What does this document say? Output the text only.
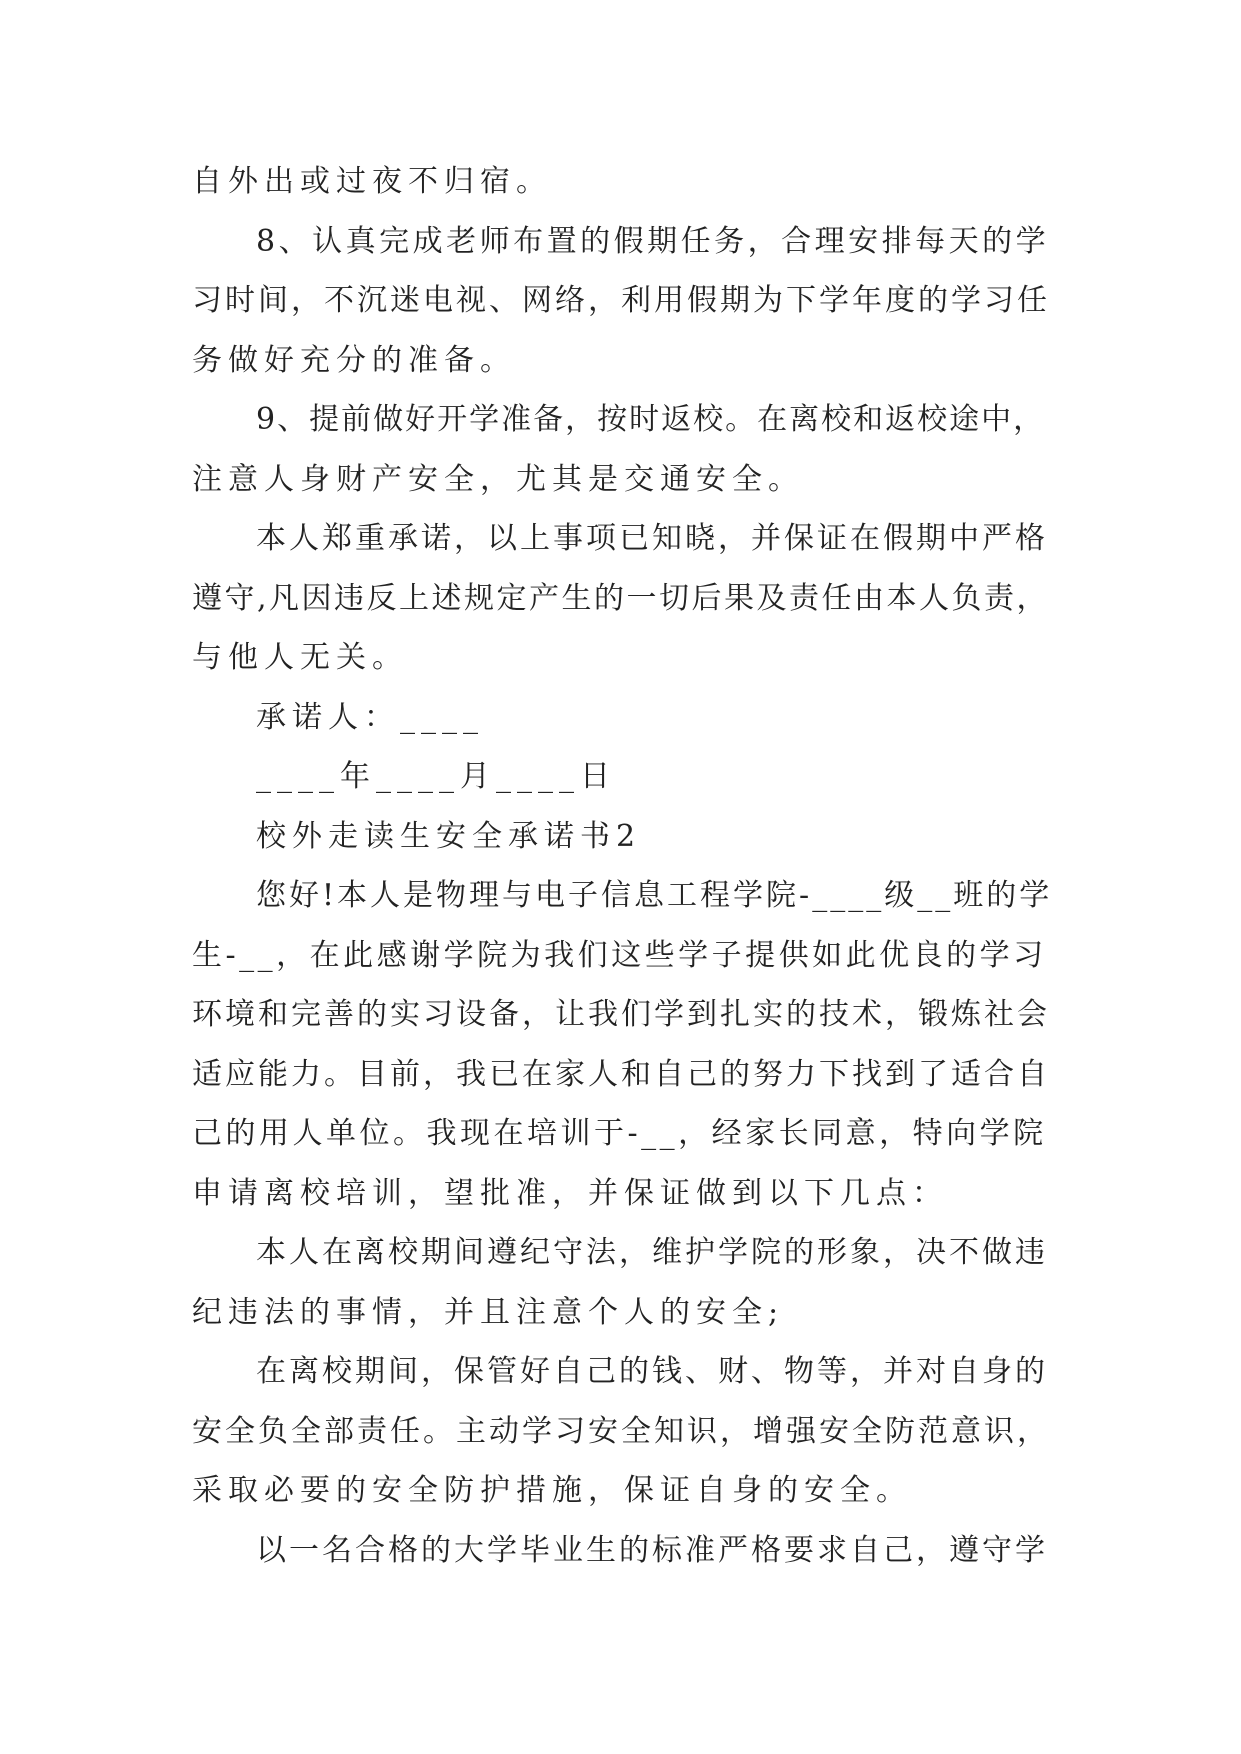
自外出或过夜不归宿。
8、认真完成老师布置的假期任务，合理安排每天的学
习时间，不沉迷电视、网络，利用假期为下学年度的学习任
务做好充分的准备。
9、提前做好开学准备，按时返校。在离校和返校途中，
注意人身财产安全，尤其是交通安全。
本人郑重承诺，以上事项已知晓，并保证在假期中严格
遵守,凡因违反上述规定产生的一切后果及责任由本人负责，
与他人无关。
承诺人：____
____年____月____日
校外走读生安全承诺书2
您好!本人是物理与电子信息工程学院-____级__班的学
生-__，在此感谢学院为我们这些学子提供如此优良的学习
环境和完善的实习设备，让我们学到扎实的技术，锻炼社会
适应能力。目前，我已在家人和自己的努力下找到了适合自
己的用人单位。我现在培训于-__，经家长同意，特向学院
申请离校培训，望批准，并保证做到以下几点：
本人在离校期间遵纪守法，维护学院的形象，决不做违
纪违法的事情，并且注意个人的安全;
在离校期间，保管好自己的钱、财、物等，并对自身的
安全负全部责任。主动学习安全知识，增强安全防范意识，
采取必要的安全防护措施，保证自身的安全。
以一名合格的大学毕业生的标准严格要求自己，遵守学
